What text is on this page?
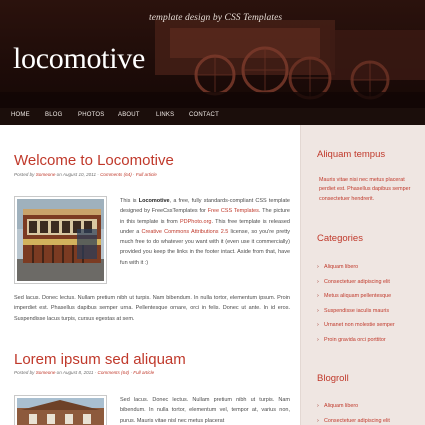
template design by CSS Templates
locomotive
HOME	BLOG	PHOTOS ABOUT	LINKS CONTACT
Welcome to Locomotive
Posted by Someone on August 10, 2011 · Comments (64) · Full article
This is Locomotive, a free, fully standards-compliant CSS template designed by FreeCssTemplates for Free CSS Templates. The picture in this template is from PDPhoto.org. This free template is released under a Creative Commons Attributions 2.5 license, so you're pretty much free to do whatever you want with it (even use it commercially) provided you keep the links in the footer intact. Aside from that, have fun with it :)
Sed lacus. Donec lectus. Nullam pretium nibh ut turpis. Nam bibendum. In nulla tortor, elementum ipsum. Proin imperdiet est. Phasellus dapibus semper urna. Pellentesque ornare, orci in felis. Donec ut ante. In id eros. Suspendisse lacus turpis, cursus egestas at sem.
Lorem ipsum sed aliquam
Posted by Someone on August 8, 2011 · Comments (64) · Full article
Sed lacus. Donec lectus. Nullam pretium nibh ut turpis. Nam bibendum. In nulla tortor, elementum vel, tempor at, varius non, purus. Mauris vitae nisl nec metus placerat
Aliquam tempus
Mauris vitae nisi nec metus placerat perdiet est. Phasellus dapibus semper consectetuer hendrerit.
Categories
› Aliquam libero
› Consectetuer adipiscing elit
› Metus aliquam pellentesque
› Suspendisse iaculis mauris
› Urnanet non molestie semper
› Proin gravida orci porttitor
Blogroll
› Aliquam libero
› Consectetuer adipiscing elit
